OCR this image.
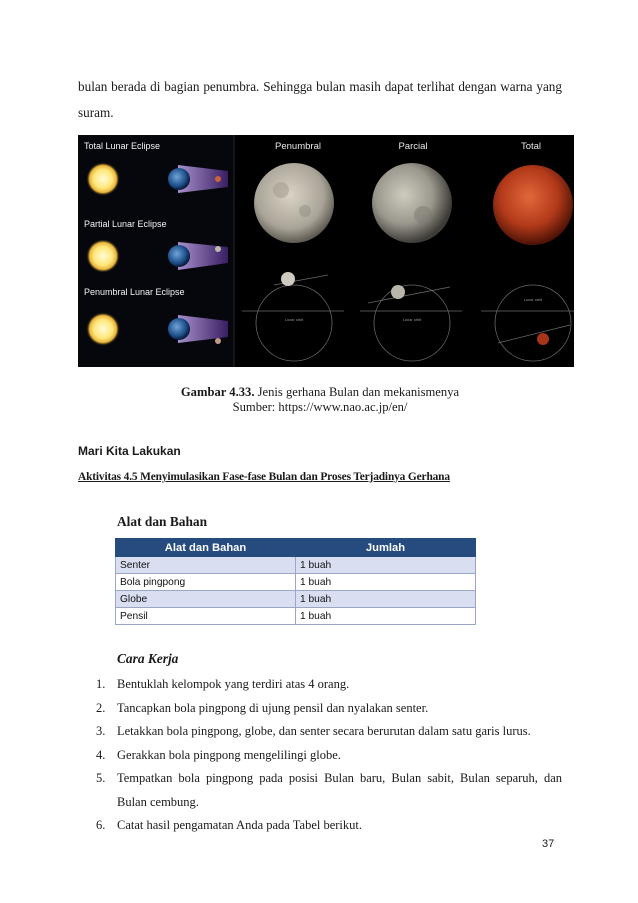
bulan berada di bagian penumbra. Sehingga bulan masih dapat terlihat dengan warna yang
suram.
Total Lunar Eclipse
Partial Lunar Eclipse
Penumbral Lunar Eclipse
Penumbral	Parcial	Total
Lunar orbit	Lunar orbit
Lunar orbit
Gambar 4.33. Jenis gerhana Bulan dan mekanismenya
Sumber: https://www.nao.ac.jp/en/
Mari Kita Lakukan
Aktivitas 4.5 Menyimulasikan Fase-fase Bulan dan Proses Terjadinya Gerhana
Alat dan Bahan
Alat dan Bahan	Jumlah
Senter	1 buah
Bola pingpong	1 buah
Globe	1 buah
Pensil	1 buah
Cara Kerja
1. Bentuklah kelompok yang terdiri atas 4 orang.
2. Tancapkan bola pingpong di ujung pensil dan nyalakan senter.
3. Letakkan bola pingpong, globe, dan senter secara berurutan dalam satu garis lurus.
4. Gerakkan bola pingpong mengelilingi globe.
5. Tempatkan bola pingpong pada posisi Bulan baru, Bulan sabit, Bulan separuh, dan
Bulan cembung.
6. Catat hasil pengamatan Anda pada Tabel berikut.
37
